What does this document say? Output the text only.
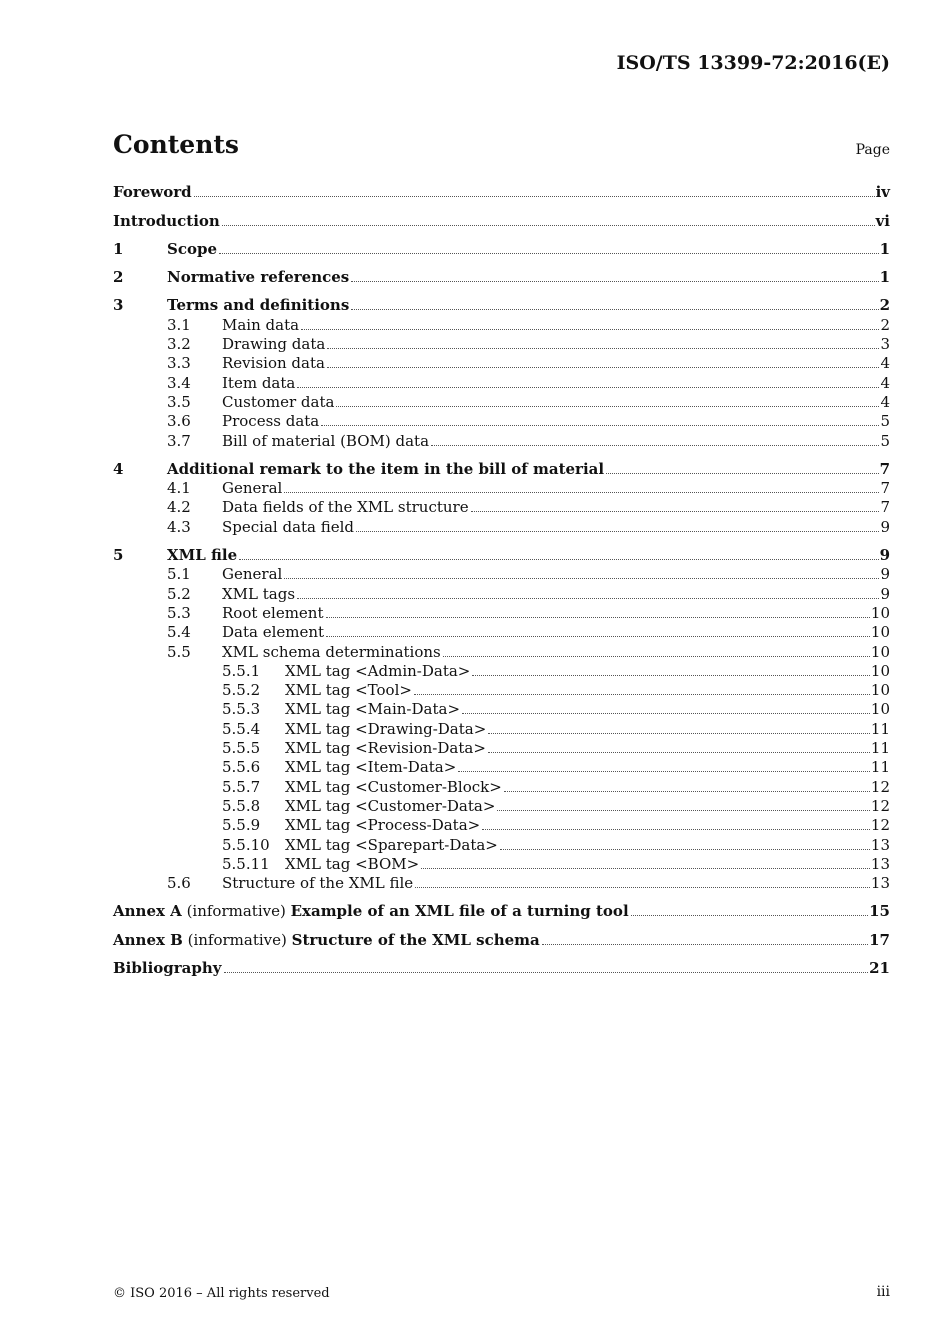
ISO/TS 13399-72:2016(E)
Contents	Page
Foreword	iv
Introduction	vi
1	Scope	1
2	Normative references	1
3	Terms and definitions	2
3.1	Main data	2
3.2	Drawing data	3
3.3	Revision data	4
3.4	Item data	4
3.5	Customer data	4
3.6	Process data	5
3.7	Bill of material (BOM) data	5
4	Additional remark to the item in the bill of material	7
4.1	General	7
4.2	Data fields of the XML structure	7
4.3	Special data field	9
5	XML file	9
5.1	General	9
5.2	XML tags	9
5.3	Root element	10
5.4	Data element	10
5.5	XML schema determinations	10
5.5.1	XML tag <Admin-Data>	10
5.5.2	XML tag <Tool>	10
5.5.3	XML tag <Main-Data>	10
5.5.4	XML tag <Drawing-Data>	11
5.5.5	XML tag <Revision-Data>	11
5.5.6	XML tag <Item-Data>	11
5.5.7	XML tag <Customer-Block>	12
5.5.8	XML tag <Customer-Data>	12
5.5.9	XML tag <Process-Data>	12
5.5.10	XML tag <Sparepart-Data>	13
5.5.11	XML tag <BOM>	13
5.6	Structure of the XML file	13
Annex A (informative) Example of an XML file of a turning tool	15
Annex B (informative) Structure of the XML schema	17
Bibliography	21
© ISO 2016 – All rights reserved	iii
